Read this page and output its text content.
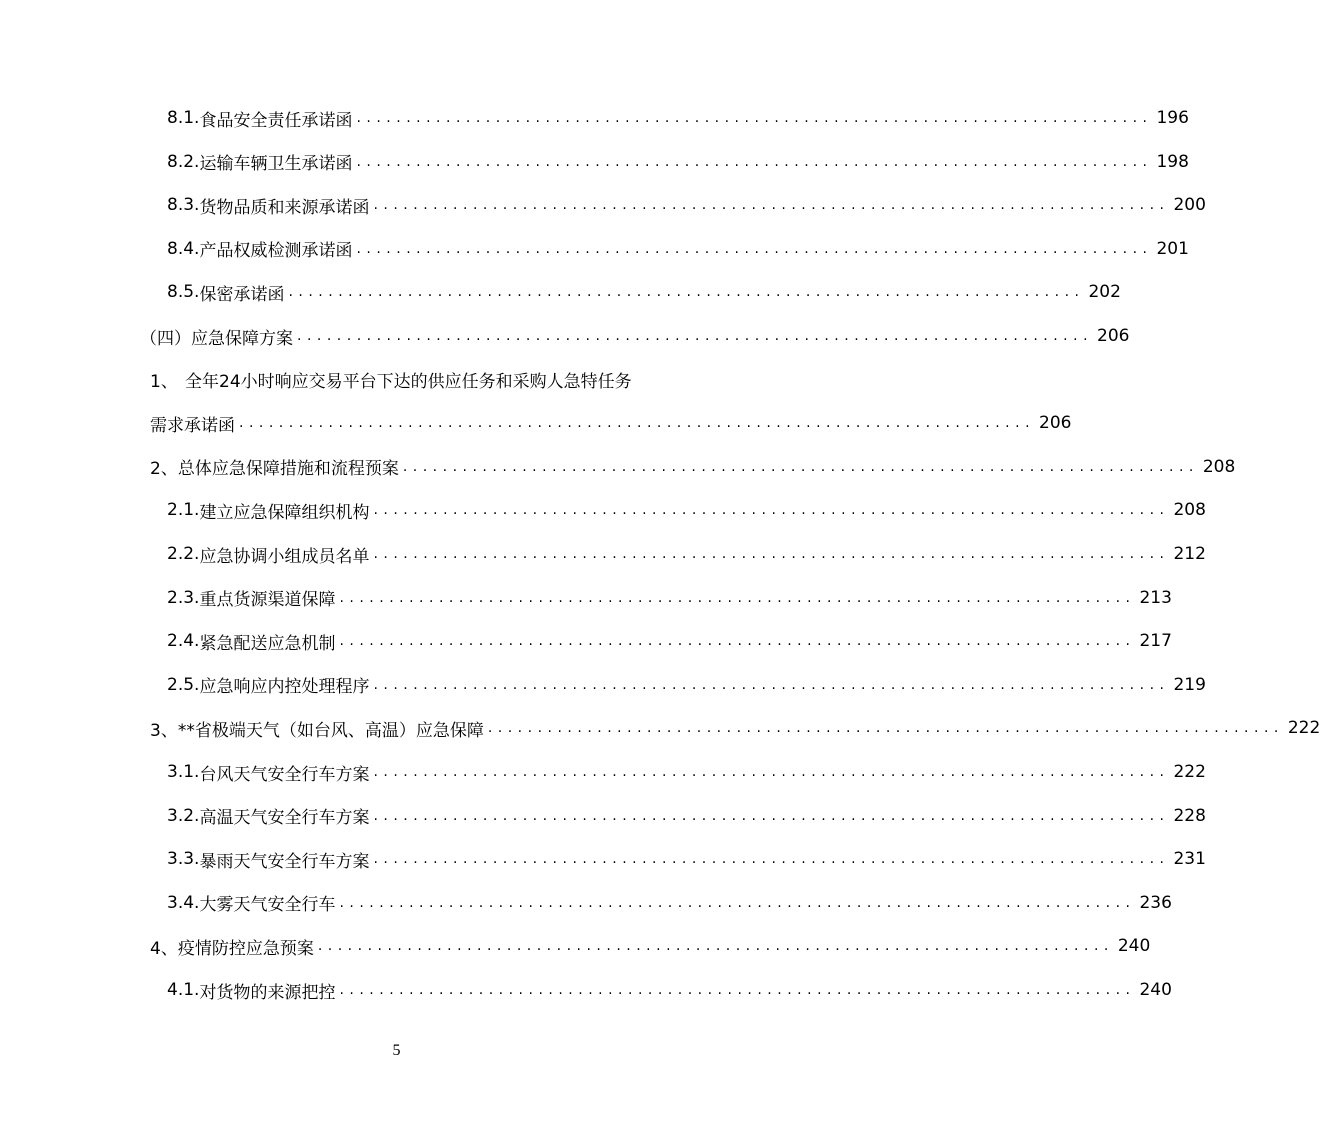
8.1. 食品安全责任承诺函 ................................................................................ 196
8.2. 运输车辆卫生承诺函 ................................................................................ 198
8.3. 货物品质和来源承诺函 ................................................................................ 200
8.4. 产品权威检测承诺函 ................................................................................ 201
8.5. 保密承诺函 ................................................................................ 202
（四） 应急保障方案 ................................................................................ 206
1、 全年24小时响应交易平台下达的供应任务和采购人急特任务
需求承诺函 ................................................................................ 206
2、 总体应急保障措施和流程预案 ................................................................................ 208
2.1. 建立应急保障组织机构 ................................................................................ 208
2.2. 应急协调小组成员名单 ................................................................................ 212
2.3. 重点货源渠道保障 ................................................................................ 213
2.4. 紧急配送应急机制 ................................................................................ 217
2.5. 应急响应内控处理程序 ................................................................................ 219
3、 **省极端天气（如台风、高温）应急保障 ................................................................................ 222
3.1. 台风天气安全行车方案 ................................................................................ 222
3.2. 高温天气安全行车方案 ................................................................................ 228
3.3. 暴雨天气安全行车方案 ................................................................................ 231
3.4. 大雾天气安全行车 ................................................................................ 236
4、 疫情防控应急预案 ................................................................................ 240
4.1. 对货物的来源把控 ................................................................................ 240
5
